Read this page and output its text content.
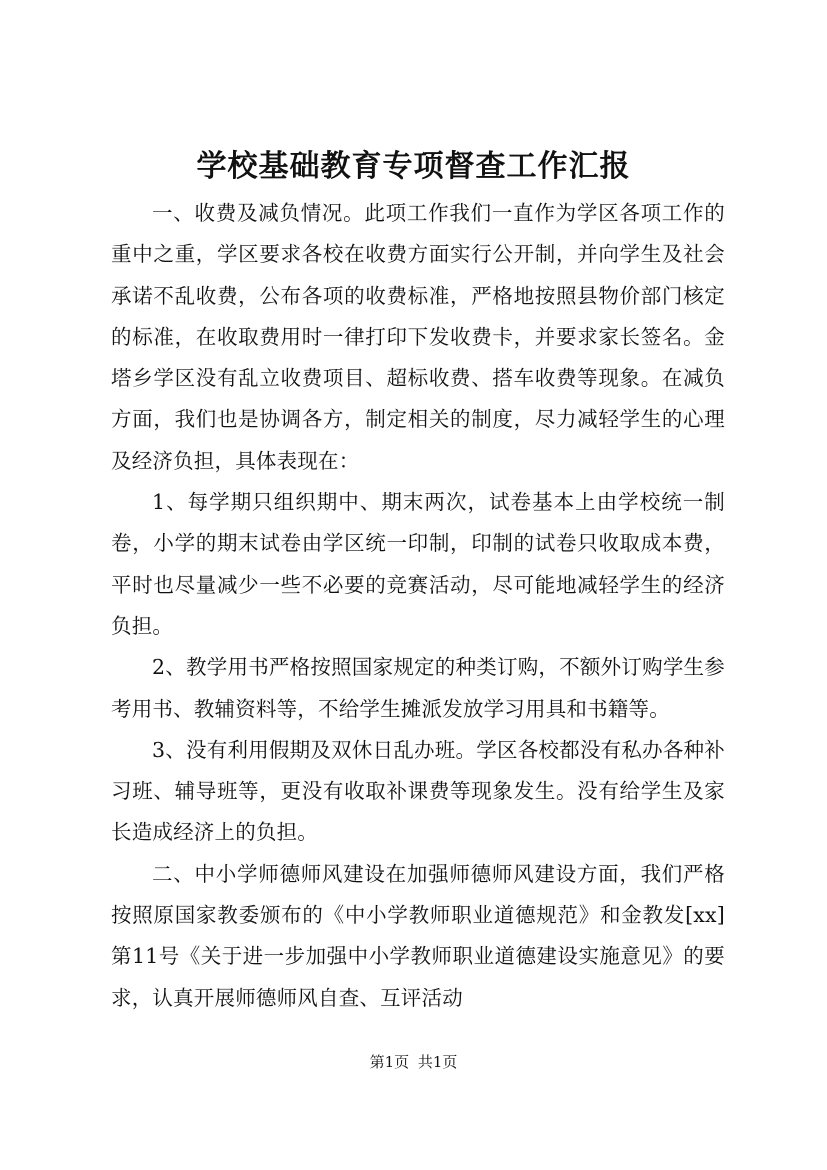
学校基础教育专项督查工作汇报

一、收费及减负情况。此项工作我们一直作为学区各项工作的重中之重，学区要求各校在收费方面实行公开制，并向学生及社会承诺不乱收费，公布各项的收费标准，严格地按照县物价部门核定的标准，在收取费用时一律打印下发收费卡，并要求家长签名。金塔乡学区没有乱立收费项目、超标收费、搭车收费等现象。在减负方面，我们也是协调各方，制定相关的制度，尽力减轻学生的心理及经济负担，具体表现在：

1、每学期只组织期中、期末两次，试卷基本上由学校统一制卷，小学的期末试卷由学区统一印制，印制的试卷只收取成本费，平时也尽量减少一些不必要的竞赛活动，尽可能地减轻学生的经济负担。

2、教学用书严格按照国家规定的种类订购，不额外订购学生参考用书、教辅资料等，不给学生摊派发放学习用具和书籍等。

3、没有利用假期及双休日乱办班。学区各校都没有私办各种补习班、辅导班等，更没有收取补课费等现象发生。没有给学生及家长造成经济上的负担。

二、中小学师德师风建设在加强师德师风建设方面，我们严格按照原国家教委颁布的《中小学教师职业道德规范》和金教发[xx]第11号《关于进一步加强中小学教师职业道德建设实施意见》的要求，认真开展师德师风自查、互评活动

第1页 共1页
